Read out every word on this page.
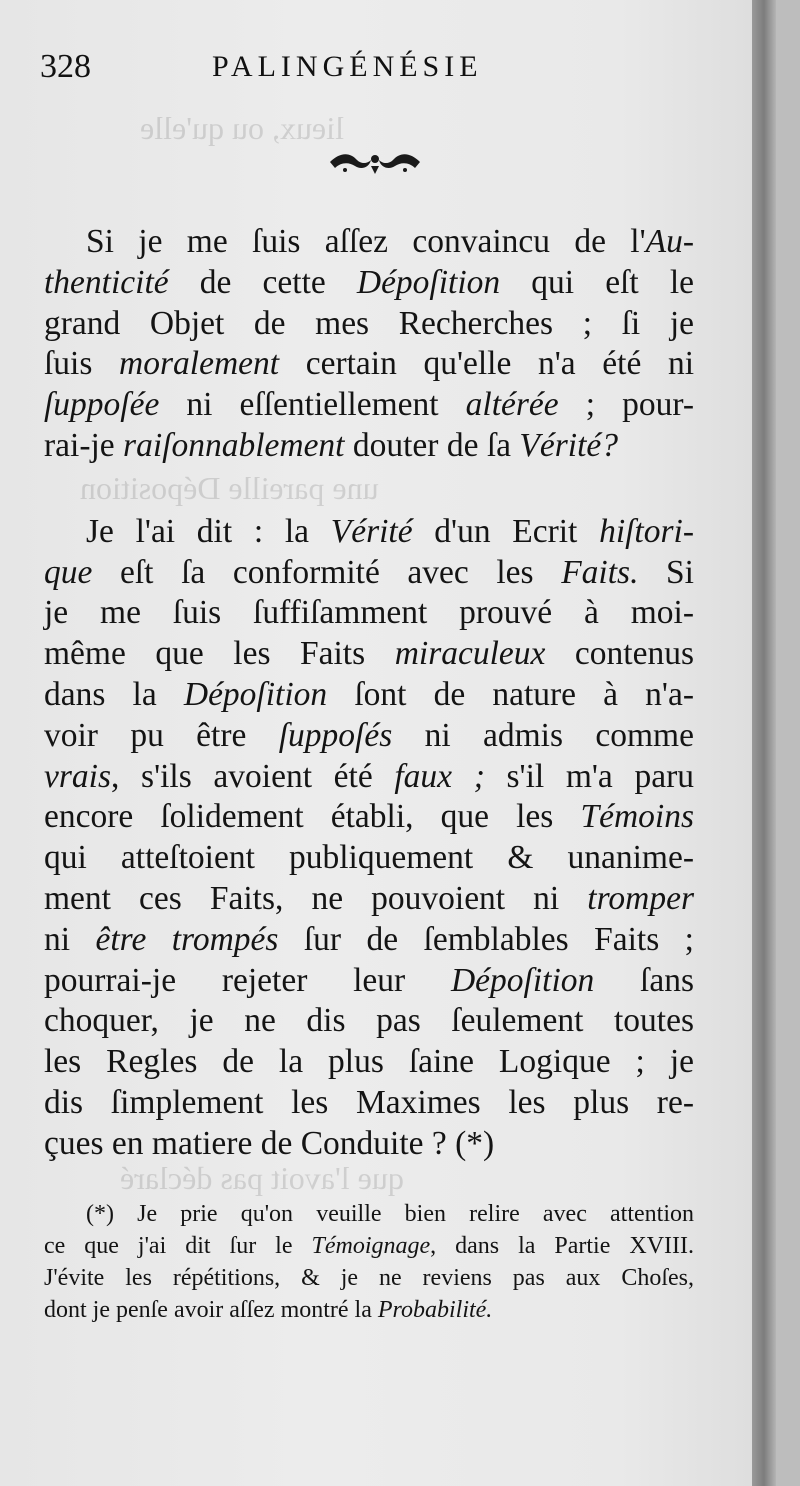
lieux, ou qu'elle
une pareille Déposition
que l'avoit pas déclaré
328	PALINGÉNÉSIE
Si je me ſuis aſſez convaincu de l'Au-
thenticité de cette Dépoſition qui eſt le
grand Objet de mes Recherches ; ſi je
ſuis moralement certain qu'elle n'a été ni
ſuppoſée ni eſſentiellement altérée ; pour-
rai-je raiſonnablement douter de ſa Vérité?
Je l'ai dit : la Vérité d'un Ecrit hiſtori-
que eſt ſa conformité avec les Faits. Si
je me ſuis ſuffiſamment prouvé à moi-
même que les Faits miraculeux contenus
dans la Dépoſition ſont de nature à n'a-
voir pu être ſuppoſés ni admis comme
vrais, s'ils avoient été faux ; s'il m'a paru
encore ſolidement établi, que les Témoins
qui atteſtoient publiquement & unanime-
ment ces Faits, ne pouvoient ni tromper
ni être trompés ſur de ſemblables Faits ;
pourrai-je rejeter leur Dépoſition ſans
choquer, je ne dis pas ſeulement toutes
les Regles de la plus ſaine Logique ; je
dis ſimplement les Maximes les plus re-
çues en matiere de Conduite ? (*)
(*) Je prie qu'on veuille bien relire avec attention
ce que j'ai dit ſur le Témoignage, dans la Partie XVIII.
J'évite les répétitions, & je ne reviens pas aux Choſes,
dont je penſe avoir aſſez montré la Probabilité.
